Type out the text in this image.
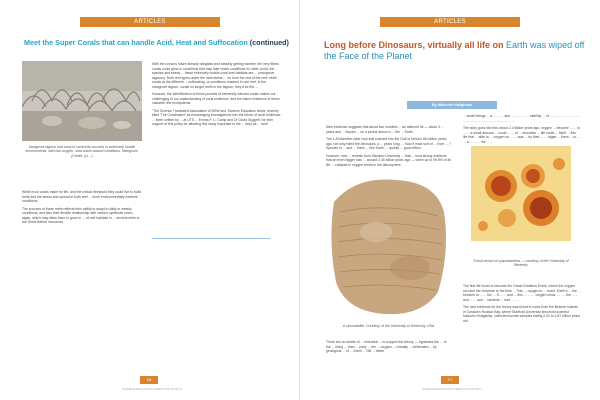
ARTICLES
Meet the Super Corals that can handle Acid, Heat and Suffocation (continued)
Mangrove lagoon and coral in coral that survives in extremely hostile environments, with low-oxygen, slow-warm-biased conditions. Mangrove. (Credit: (c) ...)

With the ocean's future already obligated and steadily getting warmer, the very fittest corals could grow in conditions that may later reach conditions no other could; the species and seeds ... these extremely hostile coral-reef habitats are ... (mangrove lagoons). Both reef types under the heat stress ... on from the rest of the reef; while corals at the different ... suffocating, or conditions reached in one reef, in the mangrove lagoon, corals no longer reefs in the lagoon; they'd be the ...

However, the identification of these pockets of extremely tolerant corals makes our challenging to our understanding of coral resilience, and the future existence of these valuable reef ecosystems.

"The Science Translated Association of NSW and 'Science Education News' recently titled 'The Coralmaker' as encouraging investigations into the future of coral resilience: ... been written by ... at UTS ... Emma F. C. Camp and Dr David Suggett, for their support of this policy for allowing this study important to the ... kept as ... here.

While most corals make for life, and the critical threshold they could live to build reefs and the stress and spread in both reef ... more environmentally extreme conditions.

The success of these reefs reflects their ability to adapt to daily or weekly conditions, and also their flexible relationship with various symbiotic micro-algae, which may allow them to grow in ... of reef habitats in ... several reefs in the Great Barrier resources.

16
SCIENCE EDUCATION NEWS VOL 66 NO 3
ARTICLES
Long before Dinosaurs, virtually all life on Earth was wiped off the Face of the Planet
By Malcolm Haligbhas

New evidence suggests that about two hundred ... an asteroid hit — about 3 ... years and ... impact ... on a period about to ... the ... Earth.

The 1.8 kilometre-wide rock that crashed into the Gulf of Mexico 66 million years ago, not only killed the dinosaurs, a ... years long, ... how it most sort of ... from ... ? Species to ... and ... there ... this Earth, ... quietly ... good effect.

However, new ... reveals from Stanford University ... that ... fund strong evidence that an even bigger loss ... around 2.45 billion years ago — when up to 99.5% of all life ... collapse in oxygen levels in the atmosphere.

A stromatolite. Courtesy of the University of Kentucky, USA

There are no fossils of ... microbial ... to support the theory — bypasses the ... of the ... living ... than ... early ... the ... oxygen ... virtually ... obliterated ... by geological ... of ... Earth ... NB ... these

... small beings ... a ... ... ... and ... ... ... ... ... stability ... of ... ... ... ... ... ... ... ... ... ... ... ... ... ... ... ... ... ... ... ... ... ...

The story goes like this: about 2.4 billion years ago, oxygen ... became ... ... to ... ... a small amount ... could ... ... of ... microbes ... life could ... itself ... this life that ... able to ... oxygen on ... ... was ... by their ... ... algae ... them ... to ... ... a ... ... ... the ... ...

Fossil record of cyanobacteria — courtesy of the University of Berkeley

The first life hoots to become the Great Oxidation Event, where the oxygen rich and the Universe to the time ... This ... oxygen in ... much. Earth's ... the ... became to ... ... the ... It ... ... and ... this ... ... ... 'oxygen crisis' ... . ... the ... ... and ... ... and ... bacteria ... had ... ... .

The new evidence for the theory was found in rocks from the Belcher Islands in Canada's Hudson Bay, where Stanford University structural scientist Malcolm Hodgskiss, collected bundle samples dating 2.02 to 1.87 billion years old.

17
SCIENCE EDUCATION NEWS VOL 66 NO 3
